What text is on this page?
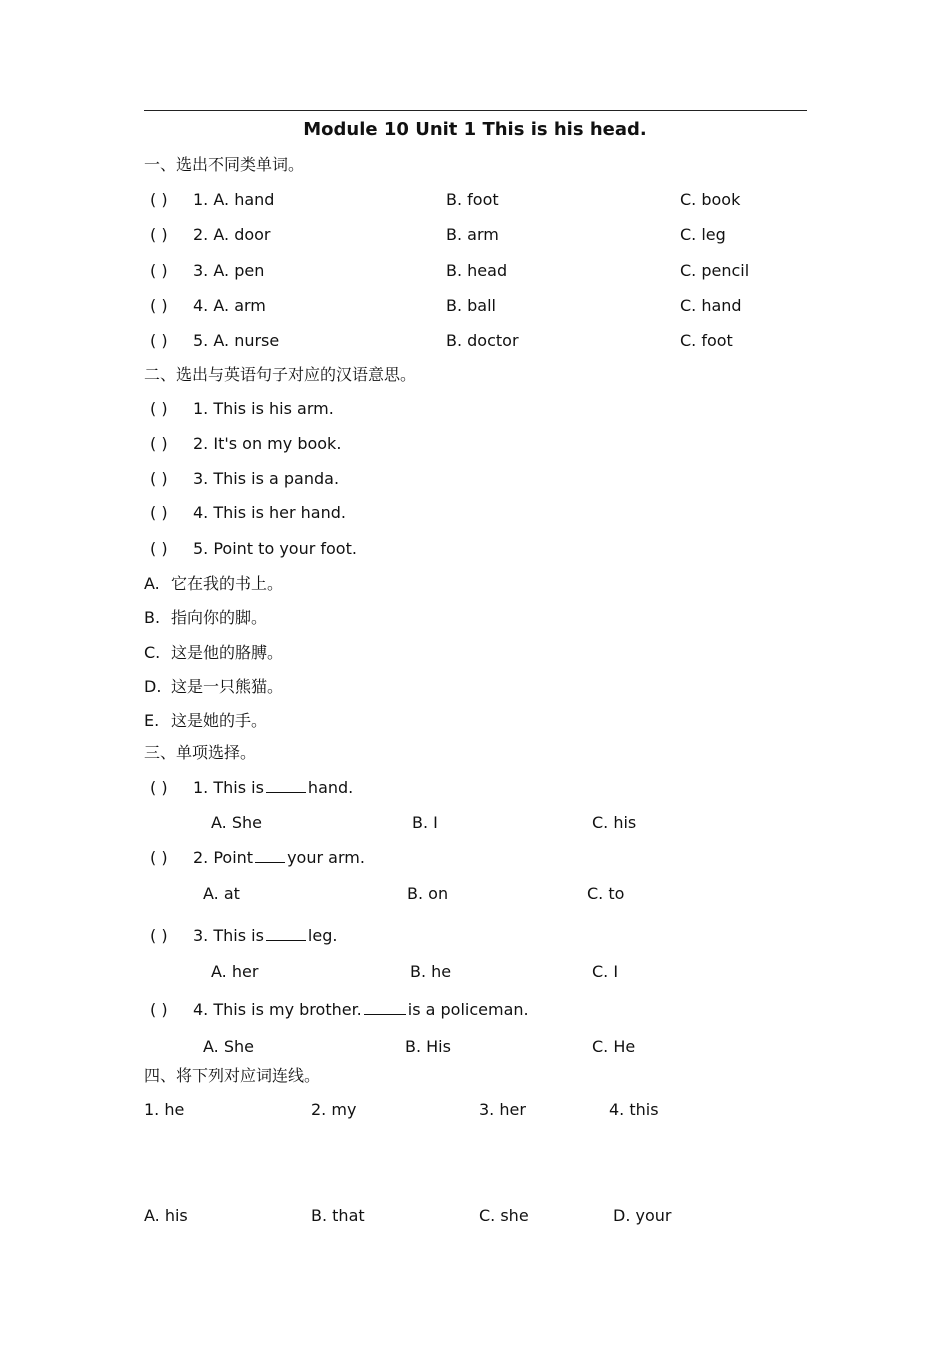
Module 10 Unit 1 This is his head.
一、选出不同类单词。
( ) 1. A. hand	B. foot	C. book
( ) 2. A. door	B. arm	C. leg
( ) 3. A. pen	B. head	C. pencil
( ) 4. A. arm	B. ball	C. hand
( ) 5. A. nurse	B. doctor	C. foot
二、选出与英语句子对应的汉语意思。
( ) 1. This is his arm.
( ) 2. It's on my book.
( ) 3. This is a panda.
( ) 4. This is her hand.
( ) 5. Point to your foot.
A. 它在我的书上。
B. 指向你的脚。
C. 这是他的胳膊。
D. 这是一只熊猫。
E. 这是她的手。
三、单项选择。
( ) 1. This is	hand.
A. She	B. I	C. his
( ) 2. Point your arm.
A. at	B. on	C. to
( ) 3. This is	leg.
A. her	B. he	C. I
( ) 4. This is my brother.	is a policeman.
A. She	B. His	C. He
四、将下列对应词连线。
1. he	2. my	3. her	4. this
A. his	B. that	C. she	D. your
